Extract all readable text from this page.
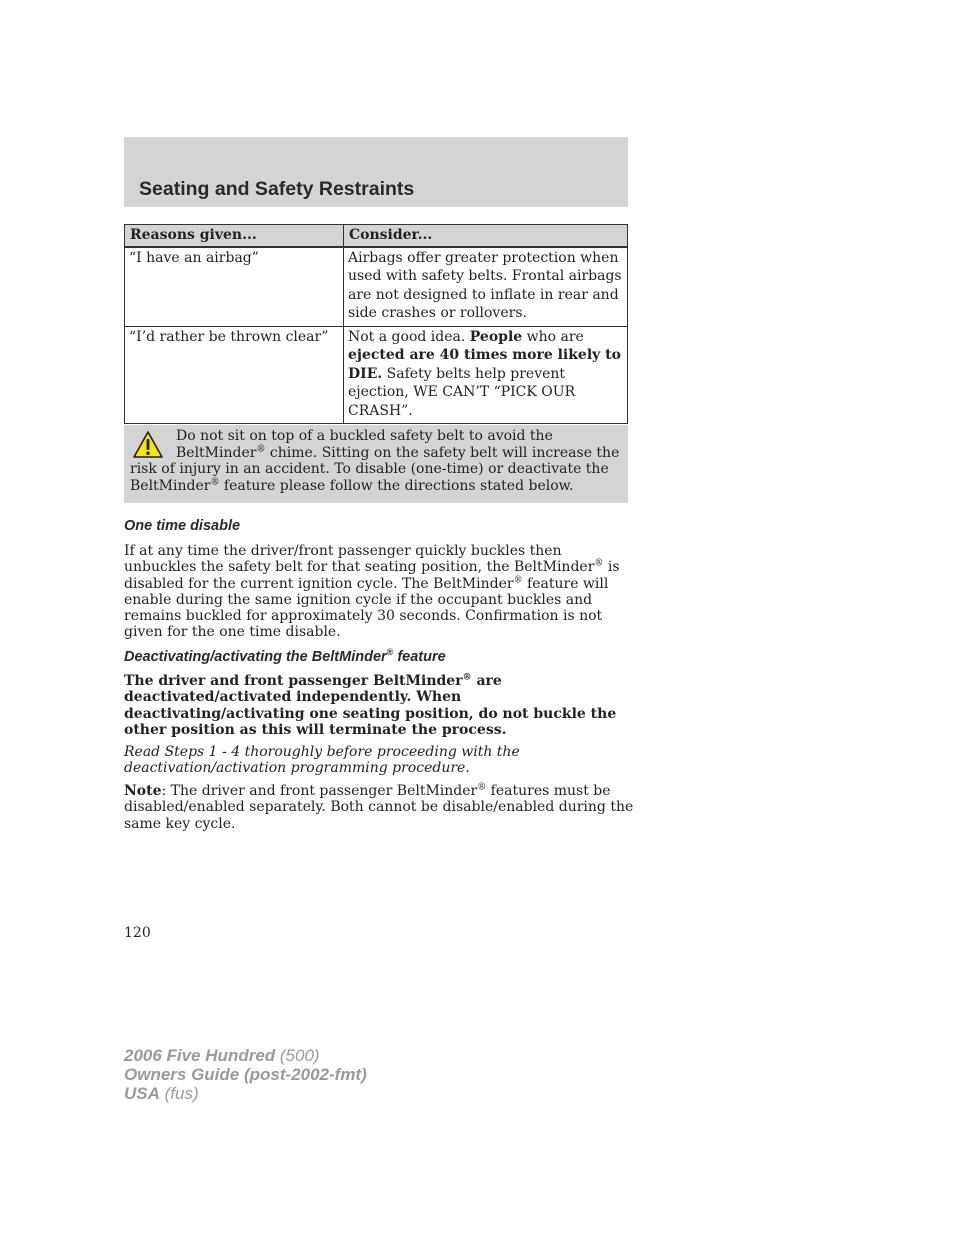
Seating and Safety Restraints
Reasons given...	Consider...
“I have an airbag”	Airbags offer greater protection when used with safety belts. Frontal airbags are not designed to inflate in rear and side crashes or rollovers.
“I’d rather be thrown clear”	Not a good idea. People who are ejected are 40 times more likely to DIE. Safety belts help prevent ejection, WE CAN’T “PICK OUR CRASH”.
Do not sit on top of a buckled safety belt to avoid the BeltMinder® chime. Sitting on the safety belt will increase the risk of injury in an accident. To disable (one-time) or deactivate the BeltMinder® feature please follow the directions stated below.
One time disable

If at any time the driver/front passenger quickly buckles then unbuckles the safety belt for that seating position, the BeltMinder® is disabled for the current ignition cycle. The BeltMinder® feature will enable during the same ignition cycle if the occupant buckles and remains buckled for approximately 30 seconds. Confirmation is not given for the one time disable.

Deactivating/activating the BeltMinder® feature

The driver and front passenger BeltMinder® are deactivated/activated independently. When deactivating/activating one seating position, do not buckle the other position as this will terminate the process.

Read Steps 1 - 4 thoroughly before proceeding with the deactivation/activation programming procedure.

Note: The driver and front passenger BeltMinder® features must be disabled/enabled separately. Both cannot be disable/enabled during the same key cycle.

120
2006 Five Hundred (500)
Owners Guide (post-2002-fmt)
USA (fus)
